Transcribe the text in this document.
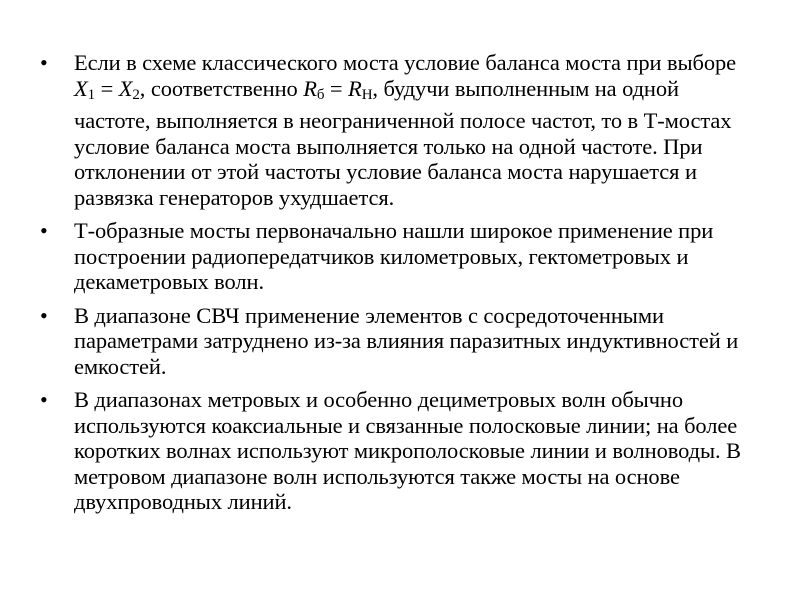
• Если в схеме классического моста условие баланса моста при выборе $X_1 = X_2$, соответственно $R_б = R_Н$, будучи выполненным на одной частоте, выполняется в неограниченной полосе частот, то в Т-мостах условие баланса моста выполняется только на одной частоте. При отклонении от этой частоты условие баланса моста нарушается и развязка генераторов ухудшается.
• Т-образные мосты первоначально нашли широкое применение при построении радиопередатчиков километровых, гектометровых и декаметровых волн.
• В диапазоне СВЧ применение элементов с сосредоточенными параметрами затруднено из-за влияния паразитных индуктивностей и емкостей.
• В диапазонах метровых и особенно дециметровых волн обычно используются коаксиальные и связанные полосковые линии; на более коротких волнах используют микрополосковые линии и волноводы. В метровом диапазоне волн используются также мосты на основе двухпроводных линий.
